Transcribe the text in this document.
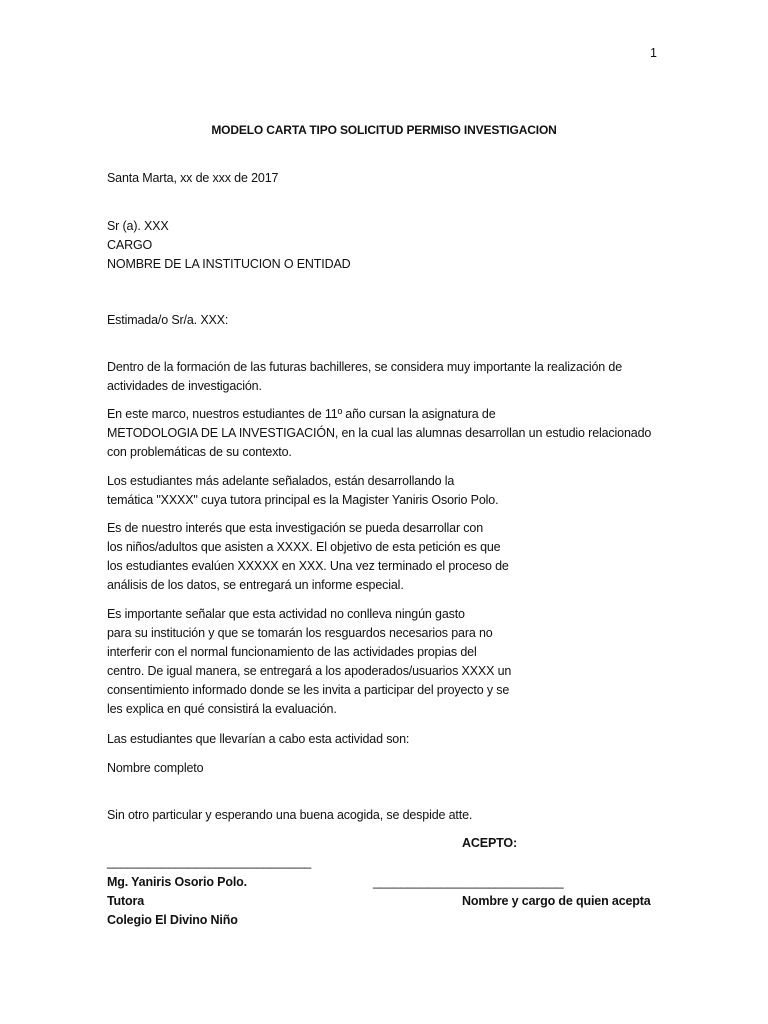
1
MODELO CARTA TIPO SOLICITUD PERMISO INVESTIGACION
Santa Marta, xx de xxx de 2017
Sr (a). XXX
CARGO
NOMBRE DE LA INSTITUCION O ENTIDAD
Estimada/o Sr/a. XXX:
Dentro de la formación de las futuras bachilleres, se considera muy importante la realización de
actividades de investigación.
En este marco, nuestros estudiantes de 11º año cursan la asignatura de
METODOLOGIA DE LA INVESTIGACIÓN, en la cual las alumnas desarrollan un estudio relacionado
con problemáticas de su contexto.
Los estudiantes más adelante señalados, están desarrollando la
temática "XXXX" cuya tutora principal es la Magister Yaniris Osorio Polo.
Es de nuestro interés que esta investigación se pueda desarrollar con
los niños/adultos que asisten a XXXX. El objetivo de esta petición es que
los estudiantes evalúen XXXXX en XXX. Una vez terminado el proceso de
análisis de los datos, se entregará un informe especial.
Es importante señalar que esta actividad no conlleva ningún gasto
para su institución y que se tomarán los resguardos necesarios para no
interferir con el normal funcionamiento de las actividades propias del
centro. De igual manera, se entregará a los apoderados/usuarios XXXX un
consentimiento informado donde se les invita a participar del proyecto y se
les explica en qué consistirá la evaluación.
Las estudiantes que llevarían a cabo esta actividad son:
Nombre completo
Sin otro particular y esperando una buena acogida, se despide atte.
ACEPTO:
______________________________
Mg. Yaniris Osorio Polo.	____________________________
Tutora	Nombre y cargo de quien acepta
Colegio El Divino Niño
